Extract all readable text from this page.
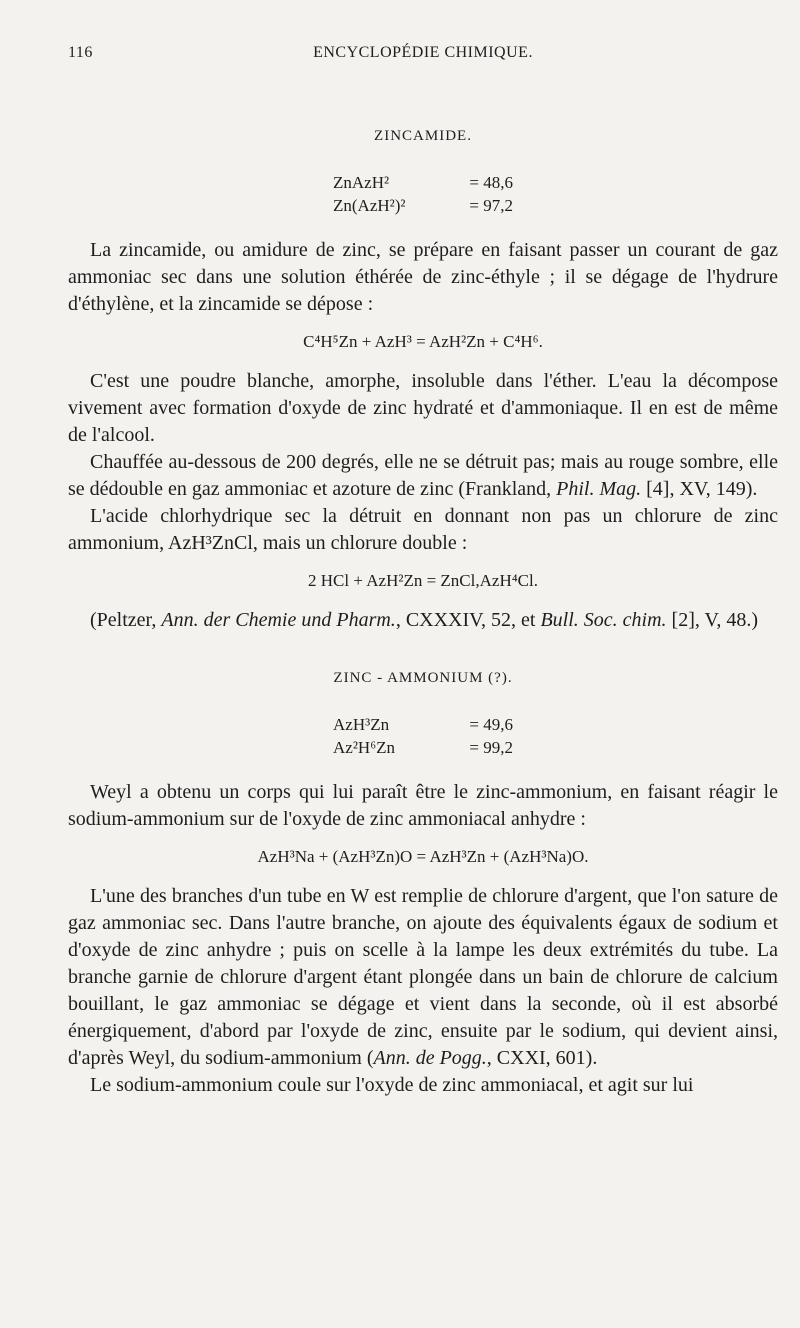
116	ENCYCLOPÉDIE CHIMIQUE.
ZINCAMIDE.
ZnAzH²	= 48,6
Zn(AzH²)²	= 97,2

La zincamide, ou amidure de zinc, se prépare en faisant passer un courant de gaz ammoniac sec dans une solution éthérée de zinc-éthyle ; il se dégage de l'hydrure d'éthylène, et la zincamide se dépose :

C⁴H⁵Zn + AzH³ = AzH²Zn + C⁴H⁶.

C'est une poudre blanche, amorphe, insoluble dans l'éther. L'eau la décompose vivement avec formation d'oxyde de zinc hydraté et d'ammoniaque. Il en est de même de l'alcool.

Chauffée au-dessous de 200 degrés, elle ne se détruit pas; mais au rouge sombre, elle se dédouble en gaz ammoniac et azoture de zinc (Frankland, Phil. Mag. [4], XV, 149).

L'acide chlorhydrique sec la détruit en donnant non pas un chlorure de zinc ammonium, AzH³ZnCl, mais un chlorure double :

2 HCl + AzH²Zn = ZnCl,AzH⁴Cl.

(Peltzer, Ann. der Chemie und Pharm., CXXXIV, 52, et Bull. Soc. chim. [2], V, 48.)

ZINC - AMMONIUM (?).
AzH³Zn	= 49,6
Az²H⁶Zn	= 99,2

Weyl a obtenu un corps qui lui paraît être le zinc-ammonium, en faisant réagir le sodium-ammonium sur de l'oxyde de zinc ammoniacal anhydre :

AzH³Na + (AzH³Zn)O = AzH³Zn + (AzH³Na)O.

L'une des branches d'un tube en W est remplie de chlorure d'argent, que l'on sature de gaz ammoniac sec. Dans l'autre branche, on ajoute des équivalents égaux de sodium et d'oxyde de zinc anhydre ; puis on scelle à la lampe les deux extrémités du tube. La branche garnie de chlorure d'argent étant plongée dans un bain de chlorure de calcium bouillant, le gaz ammoniac se dégage et vient dans la seconde, où il est absorbé énergiquement, d'abord par l'oxyde de zinc, ensuite par le sodium, qui devient ainsi, d'après Weyl, du sodium-ammonium (Ann. de Pogg., CXXI, 601).

Le sodium-ammonium coule sur l'oxyde de zinc ammoniacal, et agit sur lui
